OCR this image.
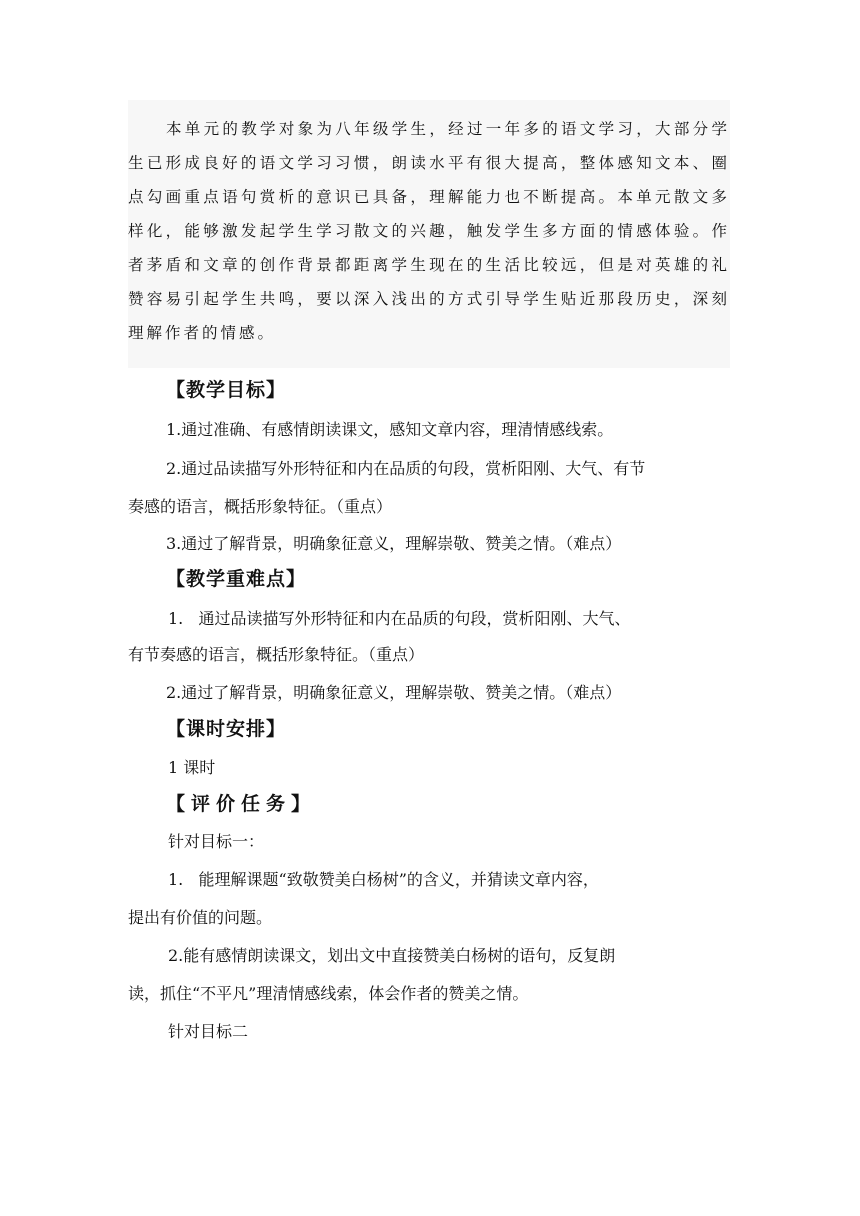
本单元的教学对象为八年级学生，经过一年多的语文学习，大部分学生已形成良好的语文学习习惯，朗读水平有很大提高，整体感知文本、圈点勾画重点语句赏析的意识已具备，理解能力也不断提高。本单元散文多样化，能够激发起学生学习散文的兴趣，触发学生多方面的情感体验。作者茅盾和文章的创作背景都距离学生现在的生活比较远，但是对英雄的礼赞容易引起学生共鸣，要以深入浅出的方式引导学生贴近那段历史，深刻理解作者的情感。

【教学目标】
1.通过准确、有感情朗读课文，感知文章内容，理清情感线索。
2.通过品读描写外形特征和内在品质的句段，赏析阳刚、大气、有节
奏感的语言，概括形象特征。（重点）
3.通过了解背景，明确象征意义，理解崇敬、赞美之情。（难点）
【教学重难点】
1.   通过品读描写外形特征和内在品质的句段，赏析阳刚、大气、
有节奏感的语言，概括形象特征。（重点）
2.通过了解背景，明确象征意义，理解崇敬、赞美之情。（难点）
【课时安排】
1 课时
【评价任务】
针对目标一：
1.   能理解课题“致敬赞美白杨树”的含义，并猜读文章内容，
提出有价值的问题。
2.能有感情朗读课文，划出文中直接赞美白杨树的语句，反复朗
读，抓住“不平凡”理清情感线索，体会作者的赞美之情。
针对目标二
